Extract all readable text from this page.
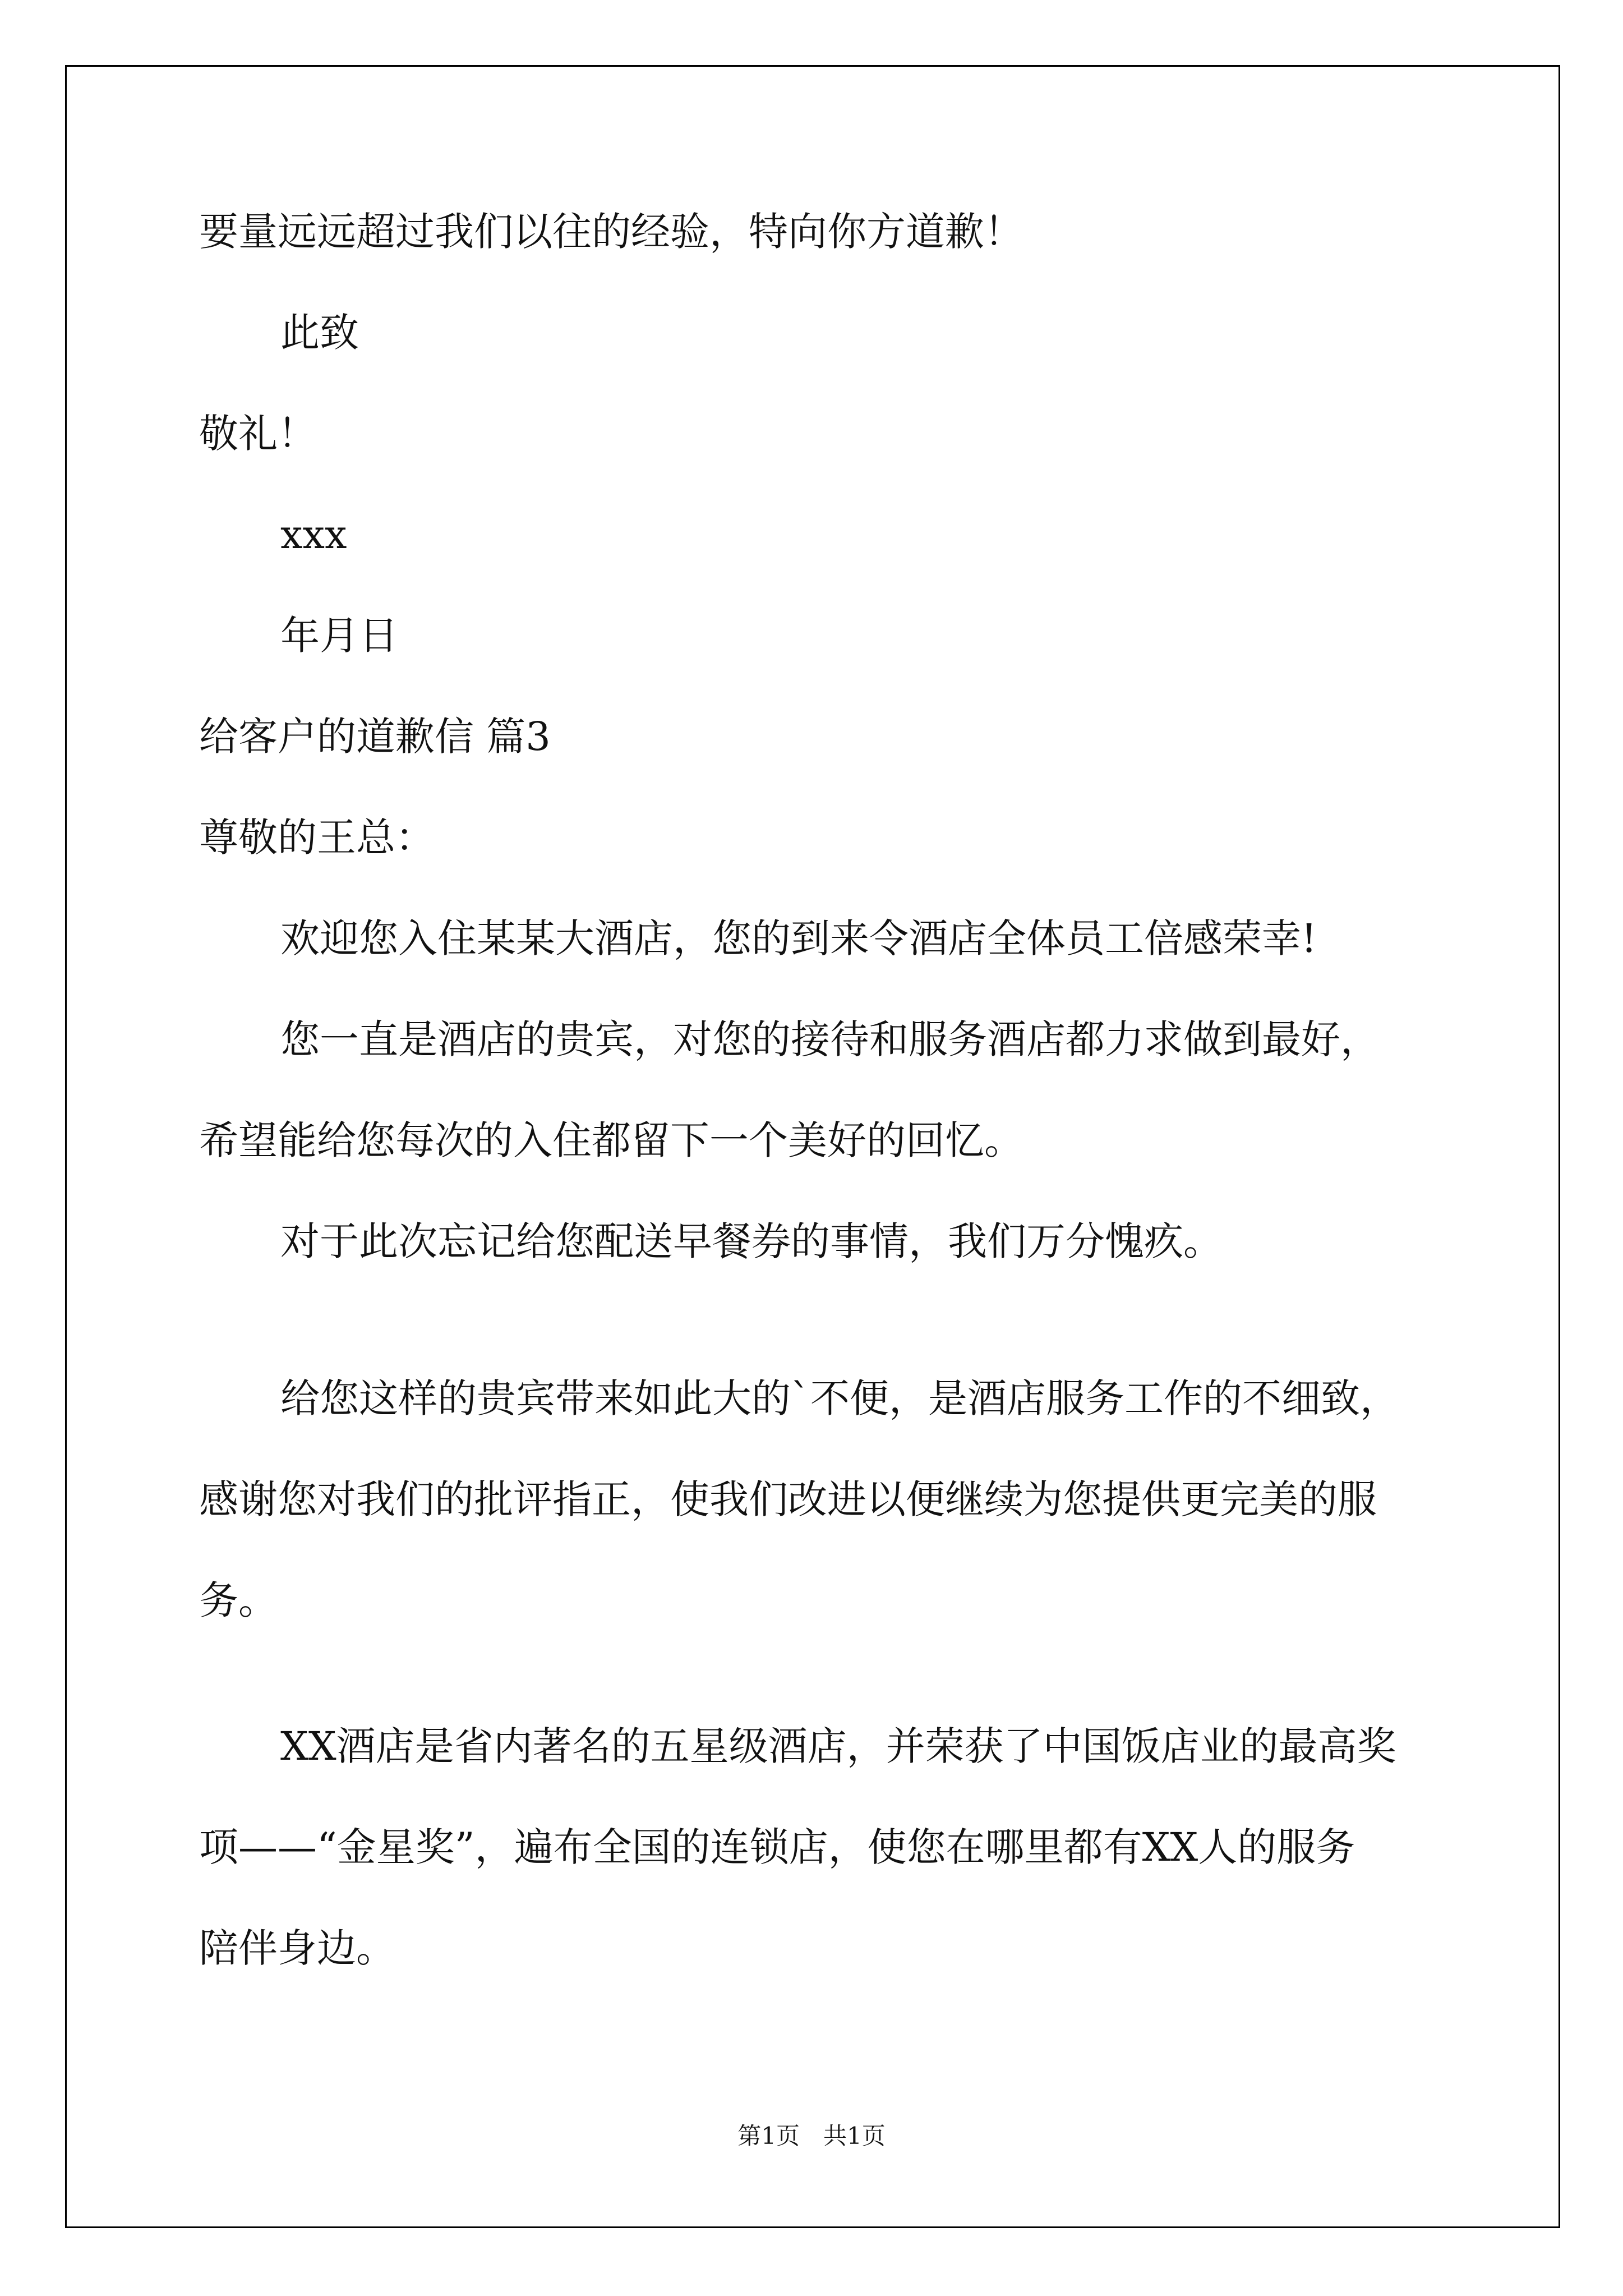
要量远远超过我们以往的经验，特向你方道歉！

此致

敬礼！

xxx

年月日

给客户的道歉信 篇3

尊敬的王总：

欢迎您入住某某大酒店，您的到来令酒店全体员工倍感荣幸!

您一直是酒店的贵宾，对您的接待和服务酒店都力求做到最好，

希望能给您每次的入住都留下一个美好的回忆。

对于此次忘记给您配送早餐券的事情，我们万分愧疚。

给您这样的贵宾带来如此大的`不便，是酒店服务工作的不细致，

感谢您对我们的批评指正，使我们改进以便继续为您提供更完美的服

务。

XX酒店是省内著名的五星级酒店，并荣获了中国饭店业的最高奖

项——“金星奖”，遍布全国的连锁店，使您在哪里都有XX人的服务

陪伴身边。

第1页　共1页
